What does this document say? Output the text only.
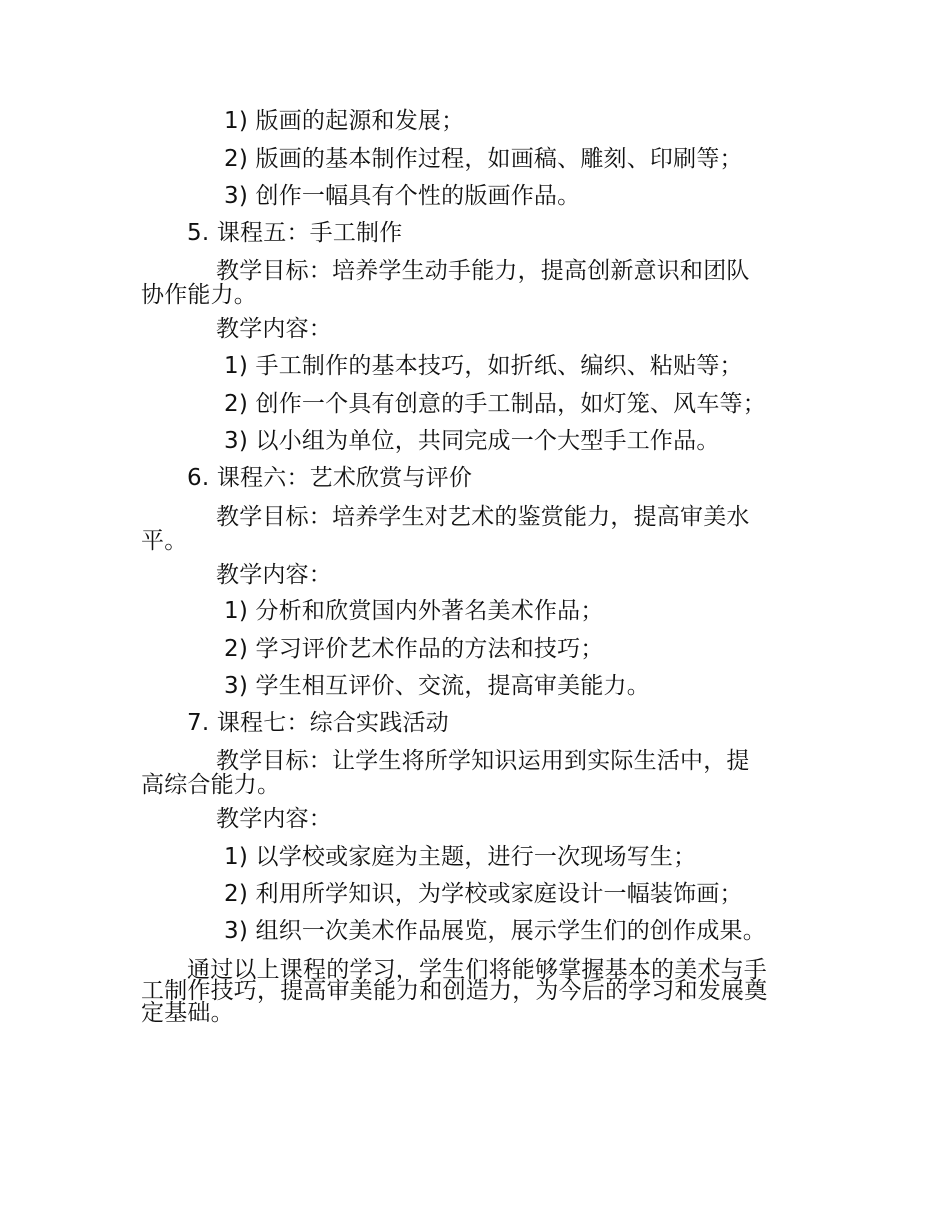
1) 版画的起源和发展；
2) 版画的基本制作过程，如画稿、雕刻、印刷等；
3) 创作一幅具有个性的版画作品。
5. 课程五：手工制作
教学目标：培养学生动手能力，提高创新意识和团队
协作能力。
教学内容：
1) 手工制作的基本技巧，如折纸、编织、粘贴等；
2) 创作一个具有创意的手工制品，如灯笼、风车等；
3) 以小组为单位，共同完成一个大型手工作品。
6. 课程六：艺术欣赏与评价
教学目标：培养学生对艺术的鉴赏能力，提高审美水
平。
教学内容：
1) 分析和欣赏国内外著名美术作品；
2) 学习评价艺术作品的方法和技巧；
3) 学生相互评价、交流，提高审美能力。
7. 课程七：综合实践活动
教学目标：让学生将所学知识运用到实际生活中，提
高综合能力。
教学内容：
1) 以学校或家庭为主题，进行一次现场写生；
2) 利用所学知识，为学校或家庭设计一幅装饰画；
3) 组织一次美术作品展览，展示学生们的创作成果。
通过以上课程的学习，学生们将能够掌握基本的美术与手
工制作技巧，提高审美能力和创造力，为今后的学习和发展奠
定基础。
